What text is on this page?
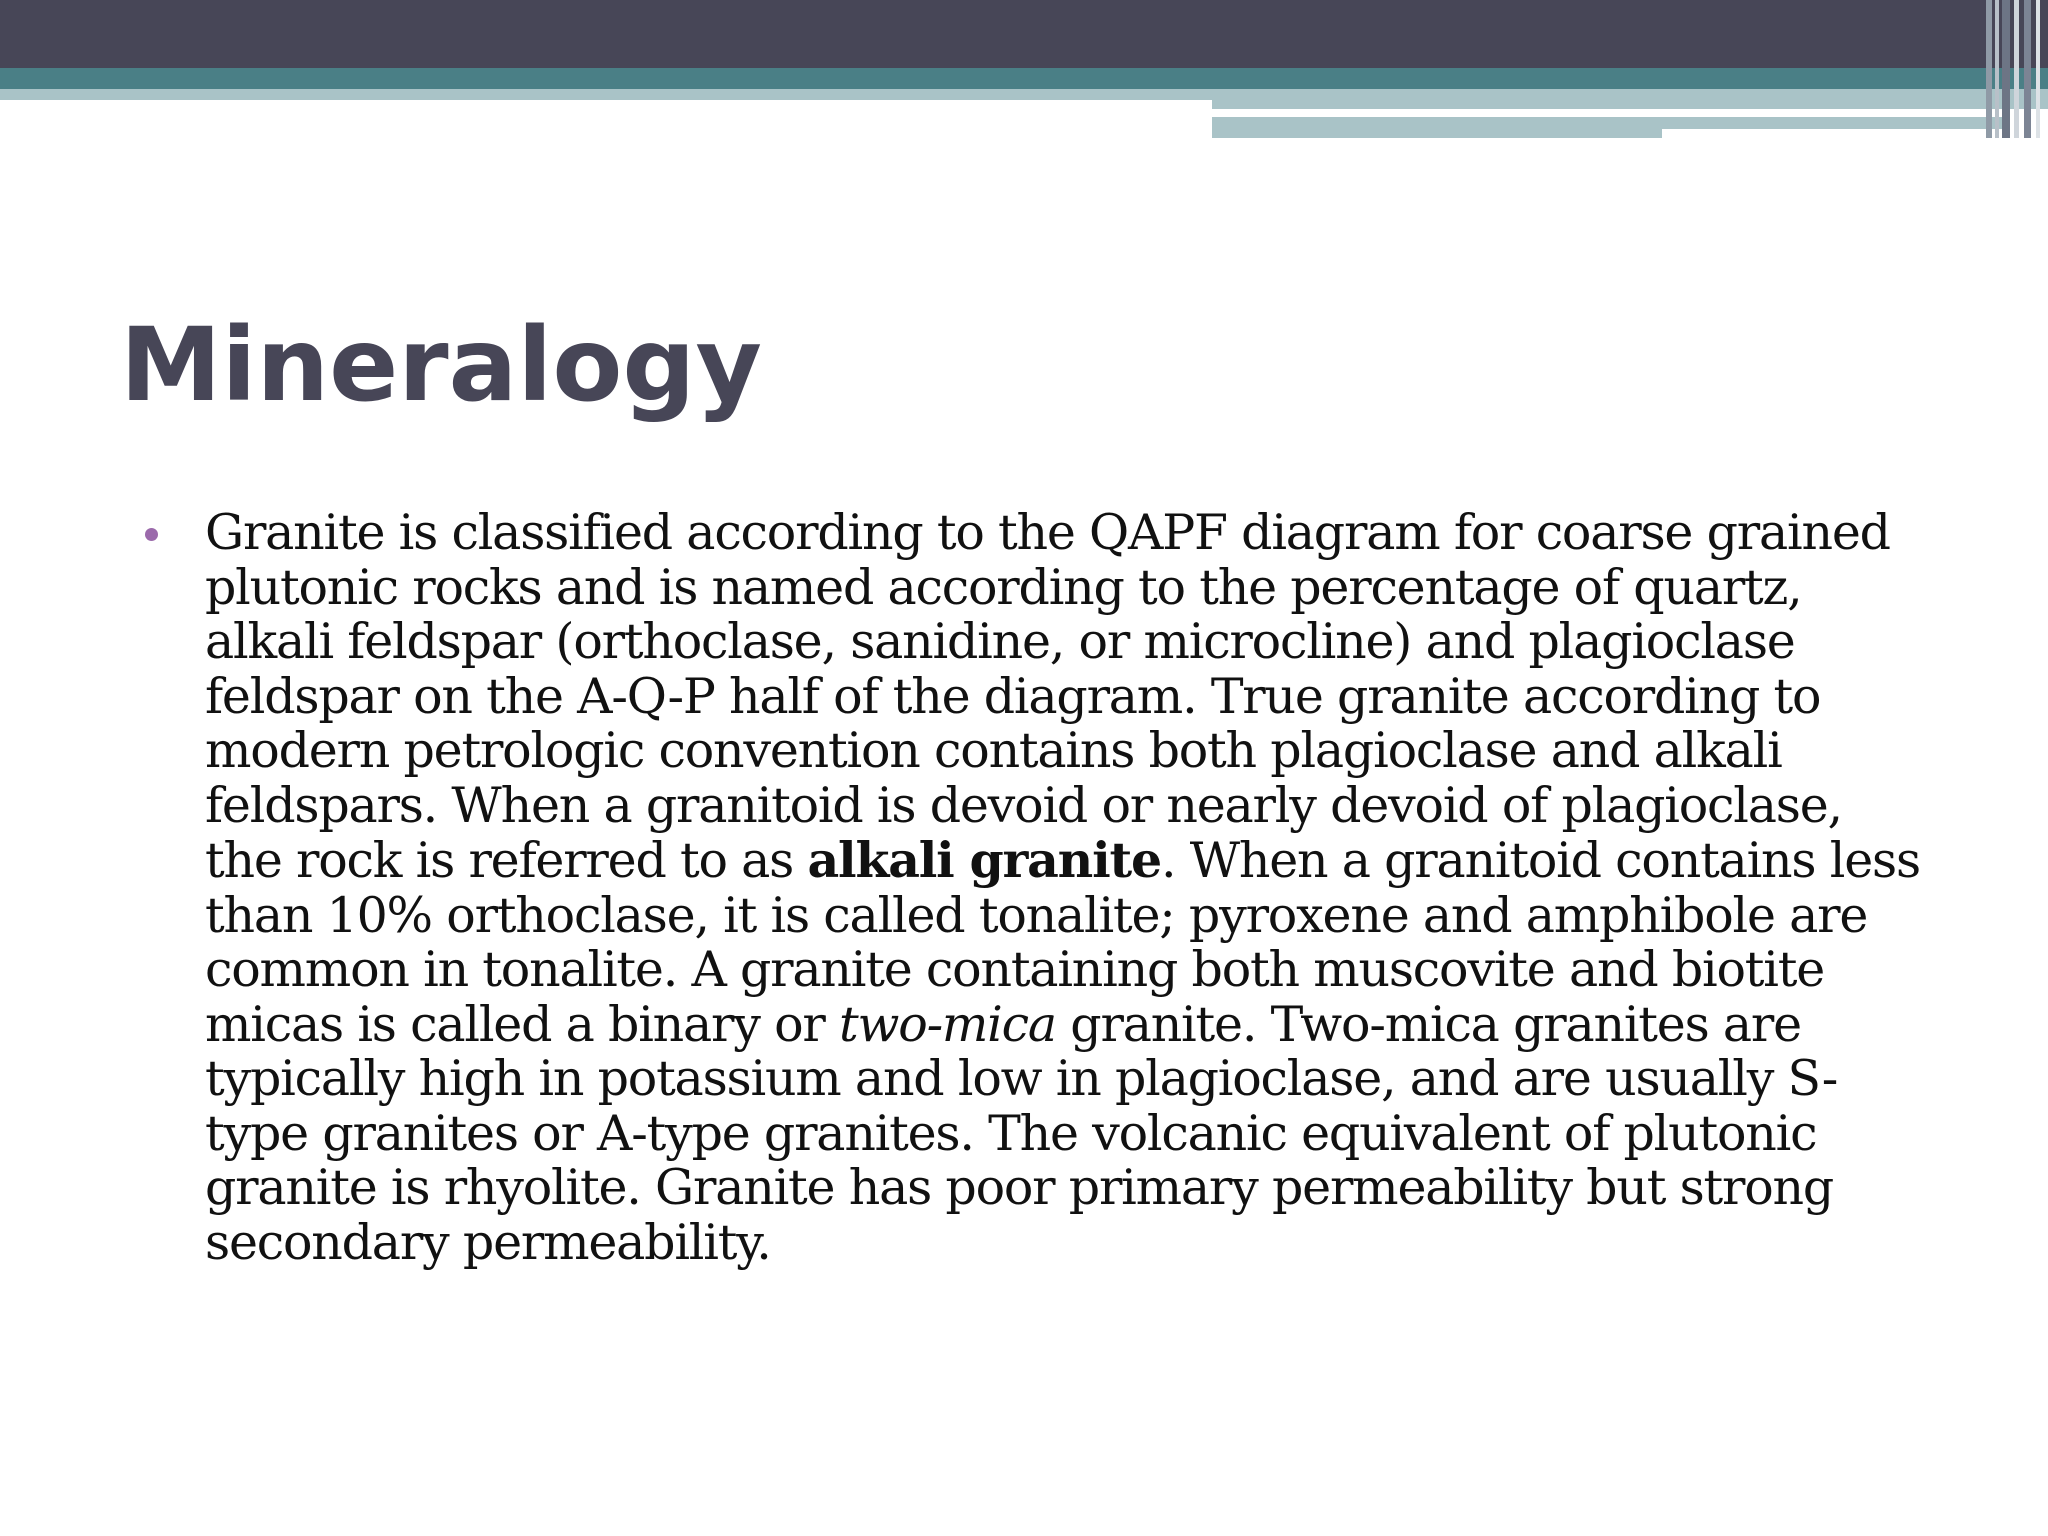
Mineralogy

Granite is classified according to the QAPF diagram for coarse grained plutonic rocks and is named according to the percentage of quartz, alkali feldspar (orthoclase, sanidine, or microcline) and plagioclase feldspar on the A-Q-P half of the diagram. True granite according to modern petrologic convention contains both plagioclase and alkali feldspars. When a granitoid is devoid or nearly devoid of plagioclase, the rock is referred to as alkali granite. When a granitoid contains less than 10% orthoclase, it is called tonalite; pyroxene and amphibole are common in tonalite. A granite containing both muscovite and biotite micas is called a binary or two-mica granite. Two-mica granites are typically high in potassium and low in plagioclase, and are usually S-type granites or A-type granites. The volcanic equivalent of plutonic granite is rhyolite. Granite has poor primary permeability but strong secondary permeability.
